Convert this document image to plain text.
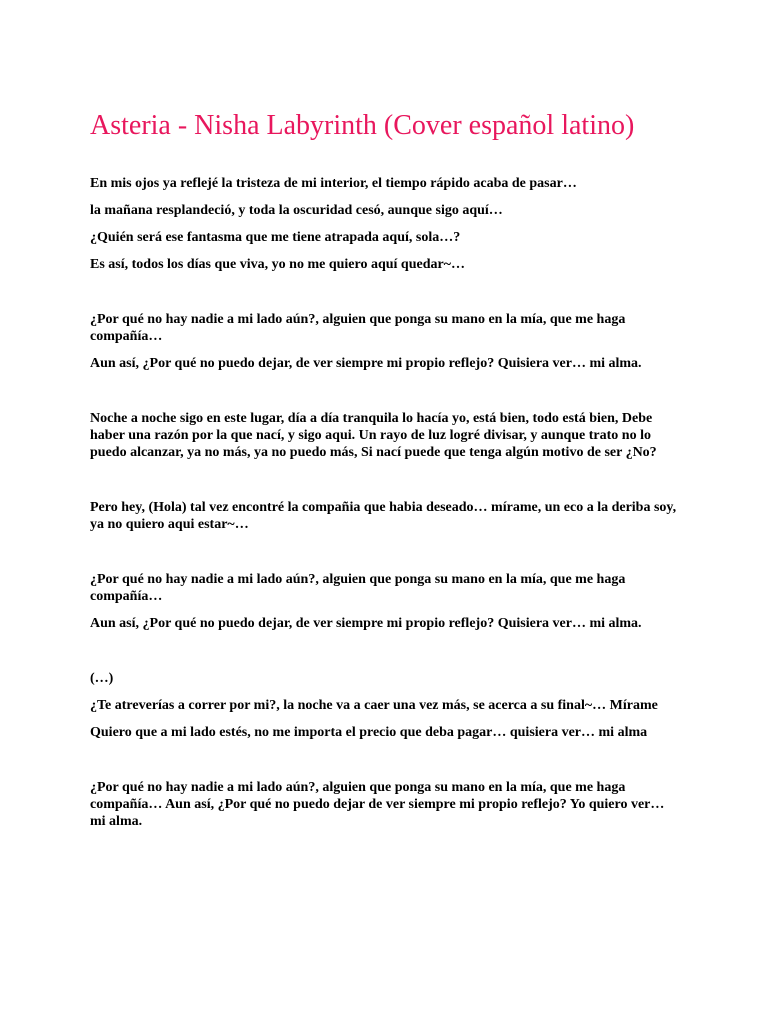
Asteria - Nisha Labyrinth (Cover español latino)

En mis ojos ya reflejé la tristeza de mi interior, el tiempo rápido acaba de pasar…

la mañana resplandeció, y toda la oscuridad cesó, aunque sigo aquí…

¿Quién será ese fantasma que me tiene atrapada aquí, sola…?

Es así, todos los días que viva, yo no me quiero aquí quedar~…

¿Por qué no hay nadie a mi lado aún?, alguien que ponga su mano en la mía, que me haga compañía…

Aun así, ¿Por qué no puedo dejar, de ver siempre mi propio reflejo? Quisiera ver… mi alma.

Noche a noche sigo en este lugar, día a día tranquila lo hacía yo, está bien, todo está bien, Debe haber una razón por la que nací, y sigo aqui. Un rayo de luz logré divisar, y aunque trato no lo puedo alcanzar, ya no más, ya no puedo más, Si nací puede que tenga algún motivo de ser ¿No?

Pero hey, (Hola) tal vez encontré la compañia que habia deseado… mírame, un eco a la deriba soy, ya no quiero aqui estar~…

¿Por qué no hay nadie a mi lado aún?, alguien que ponga su mano en la mía, que me haga compañía…

Aun así, ¿Por qué no puedo dejar, de ver siempre mi propio reflejo? Quisiera ver… mi alma.

(…)

¿Te atreverías a correr por mi?, la noche va a caer una vez más, se acerca a su final~… Mírame

Quiero que a mi lado estés, no me importa el precio que deba pagar… quisiera ver… mi alma

¿Por qué no hay nadie a mi lado aún?, alguien que ponga su mano en la mía, que me haga compañía… Aun así, ¿Por qué no puedo dejar de ver siempre mi propio reflejo? Yo quiero ver… mi alma.
